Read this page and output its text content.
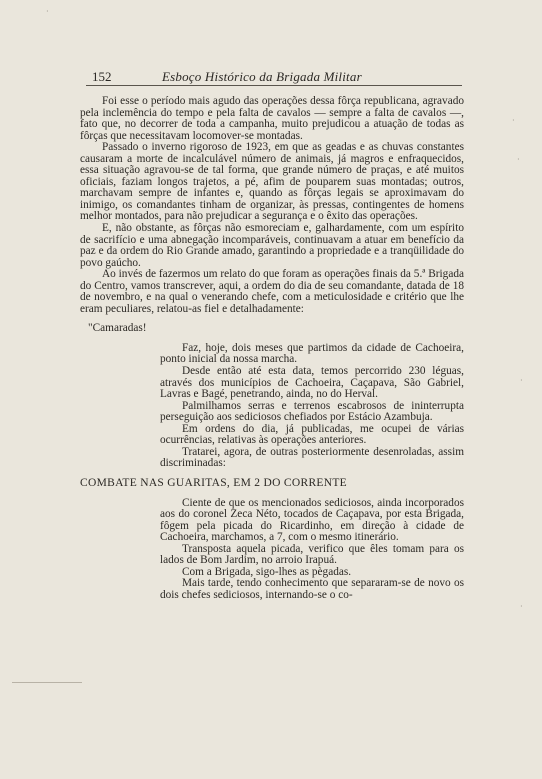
·
·
·
·
·
152	Esboço Histórico da Brigada Militar

Foi esse o período mais agudo das operações dessa fôrça republicana, agravado pela inclemência do tempo e pela falta de cavalos — sempre a falta de cavalos —, fato que, no decorrer de toda a campanha, muito prejudicou a atuação de todas as fôrças que necessitavam locomover-se montadas.

Passado o inverno rigoroso de 1923, em que as geadas e as chuvas constantes causaram a morte de incalculável número de animais, já magros e enfraquecidos, essa situação agravou-se de tal forma, que grande número de praças, e até muitos oficiais, faziam longos trajetos, a pé, afim de pouparem suas montadas; outros, marchavam sempre de infantes e, quando as fôrças legais se aproximavam do inimigo, os comandantes tinham de organizar, às pressas, contingentes de homens melhor montados, para não prejudicar a segurança e o êxito das operações.

E, não obstante, as fôrças não esmoreciam e, galhardamente, com um espírito de sacrifício e uma abnegação incomparáveis, continuavam a atuar em benefício da paz e da ordem do Rio Grande amado, garantindo a propriedade e a tranqüilidade do povo gaúcho.

Ao invés de fazermos um relato do que foram as operações finais da 5.ª Brigada do Centro, vamos transcrever, aqui, a ordem do dia de seu comandante, datada de 18 de novembro, e na qual o venerando chefe, com a meticulosidade e critério que lhe eram peculiares, relatou-as fiel e detalhadamente:

"Camaradas!

Faz, hoje, dois meses que partimos da cidade de Cachoeira, ponto inicial da nossa marcha.

Desde então até esta data, temos percorrido 230 léguas, através dos municípios de Cachoeira, Caçapava, São Gabriel, Lavras e Bagé, penetrando, ainda, no do Herval.

Palmilhamos serras e terrenos escabrosos de ininterrupta perseguição aos sediciosos chefiados por Estácio Azambuja.

Em ordens do dia, já publicadas, me ocupei de várias ocurrências, relativas às operações anteriores.

Tratarei, agora, de outras posteriormente desenroladas, assim discriminadas:

COMBATE NAS GUARITAS, EM 2 DO CORRENTE

Ciente de que os mencionados sediciosos, ainda incorporados aos do coronel Zeca Néto, tocados de Caçapava, por esta Brigada, fôgem pela picada do Ricardinho, em direção à cidade de Cachoeira, marchamos, a 7, com o mesmo itinerário.

Transposta aquela picada, verifico que êles tomam para os lados de Bom Jardim, no arroio Irapuá.

Com a Brigada, sigo-lhes as pègadas.

Mais tarde, tendo conhecimento que separaram-se de novo os dois chefes sediciosos, internando-se o co-
